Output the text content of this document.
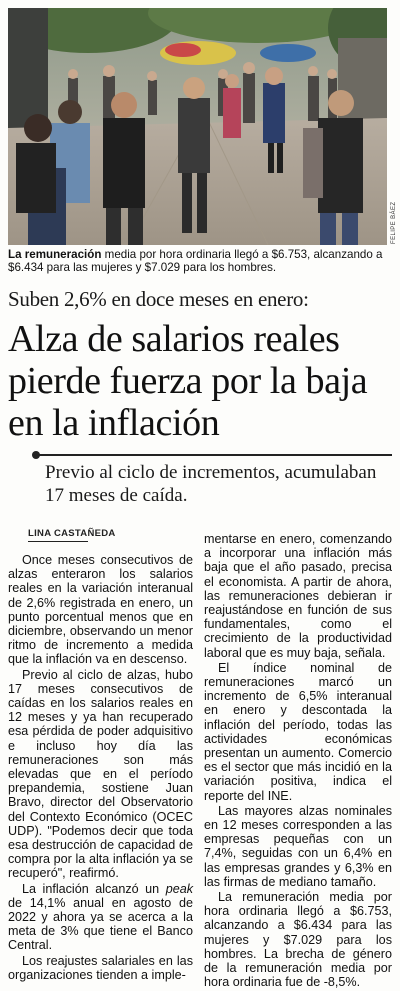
FELIPE BÁEZ
La remuneración media por hora ordinaria llegó a $6.753, alcanzando a $6.434 para las mujeres y $7.029 para los hombres.
Suben 2,6% en doce meses en enero:
Alza de salarios reales pierde fuerza por la baja en la inflación
Previo al ciclo de incrementos, acumulaban 17 meses de caída.
LINA CASTAÑEDA

Once meses consecutivos de alzas enteraron los salarios reales en la variación interanual de 2,6% registrada en enero, un punto porcentual menos que en diciembre, observando un menor ritmo de incremento a medida que la inflación va en descenso.

Previo al ciclo de alzas, hubo 17 meses consecutivos de caídas en los salarios reales en 12 meses y ya han recuperado esa pérdida de poder adquisitivo e incluso hoy día las remuneraciones son más elevadas que en el período prepandemia, sostiene Juan Bravo, director del Observatorio del Contexto Económico (OCEC UDP). "Podemos decir que toda esa destrucción de capacidad de compra por la alta inflación ya se recuperó", reafirmó.

La inflación alcanzó un peak de 14,1% anual en agosto de 2022 y ahora ya se acerca a la meta de 3% que tiene el Banco Central.

Los reajustes salariales en las organizaciones tienden a imple-

mentarse en enero, comenzando a incorporar una inflación más baja que el año pasado, precisa el economista. A partir de ahora, las remuneraciones debieran ir reajustándose en función de sus fundamentales, como el crecimiento de la productividad laboral que es muy baja, señala.

El índice nominal de remuneraciones marcó un incremento de 6,5% interanual en enero y descontada la inflación del período, todas las actividades económicas presentan un aumento. Comercio es el sector que más incidió en la variación positiva, indica el reporte del INE.

Las mayores alzas nominales en 12 meses corresponden a las empresas pequeñas con un 7,4%, seguidas con un 6,4% en las empresas grandes y 6,3% en las firmas de mediano tamaño.

La remuneración media por hora ordinaria llegó a $6.753, alcanzando a $6.434 para las mujeres y $7.029 para los hombres. La brecha de género de la remuneración media por hora ordinaria fue de -8,5%.
